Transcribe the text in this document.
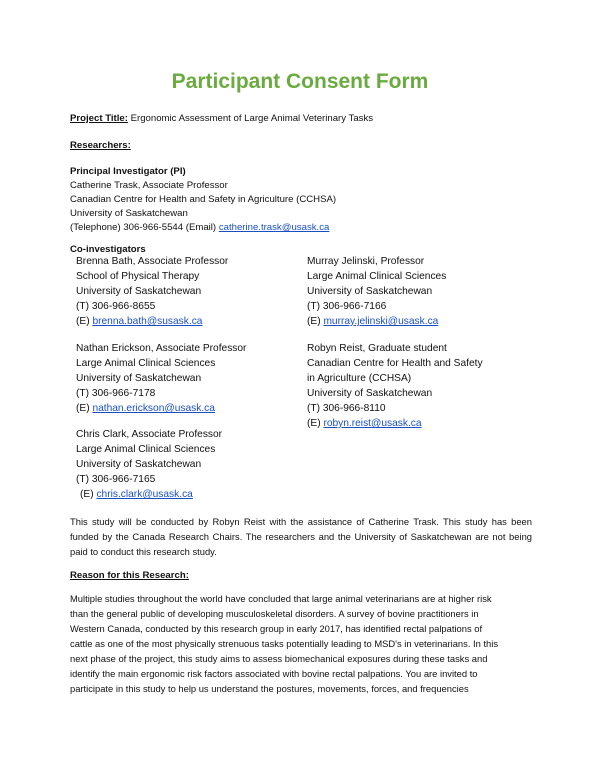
Participant Consent Form
Project Title: Ergonomic Assessment of Large Animal Veterinary Tasks
Researchers:
Principal Investigator (PI)
Catherine Trask, Associate Professor
Canadian Centre for Health and Safety in Agriculture (CCHSA)
University of Saskatchewan
(Telephone) 306-966-5544 (Email) catherine.trask@usask.ca
Co-investigators
Brenna Bath, Associate Professor
School of Physical Therapy
University of Saskatchewan
(T) 306-966-8655
(E) brenna.bath@susask.ca
Nathan Erickson, Associate Professor
Large Animal Clinical Sciences
University of Saskatchewan
(T) 306-966-7178
(E) nathan.erickson@usask.ca
Chris Clark, Associate Professor
Large Animal Clinical Sciences
University of Saskatchewan
(T) 306-966-7165
(E) chris.clark@usask.ca
Murray Jelinski, Professor
Large Animal Clinical Sciences
University of Saskatchewan
(T) 306-966-7166
(E) murray.jelinski@usask.ca
Robyn Reist, Graduate student
Canadian Centre for Health and Safety
in Agriculture (CCHSA)
University of Saskatchewan
(T) 306-966-8110
(E) robyn.reist@usask.ca
This study will be conducted by Robyn Reist with the assistance of Catherine Trask. This study has been
funded by the Canada Research Chairs. The researchers and the University of Saskatchewan are not being
paid to conduct this research study.
Reason for this Research:
Multiple studies throughout the world have concluded that large animal veterinarians are at higher risk
than the general public of developing musculoskeletal disorders. A survey of bovine practitioners in
Western Canada, conducted by this research group in early 2017, has identified rectal palpations of
cattle as one of the most physically strenuous tasks potentially leading to MSD's in veterinarians. In this
next phase of the project, this study aims to assess biomechanical exposures during these tasks and
identify the main ergonomic risk factors associated with bovine rectal palpations. You are invited to
participate in this study to help us understand the postures, movements, forces, and frequencies
